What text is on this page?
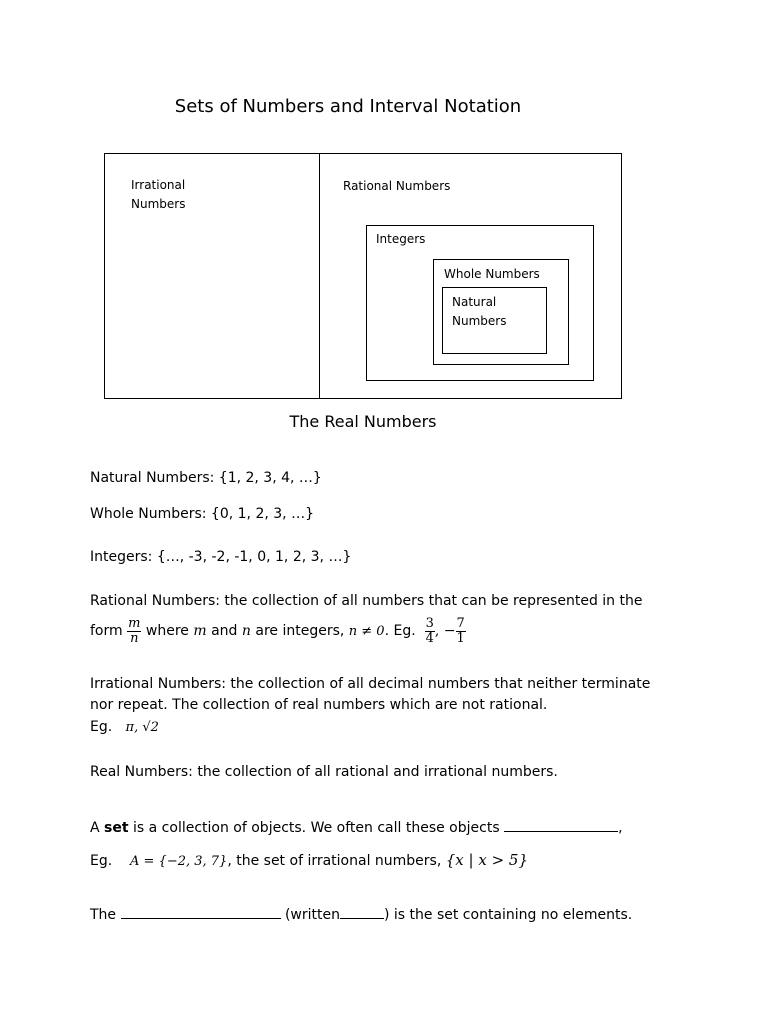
Sets of Numbers and Interval Notation
Irrational
Numbers
Rational Numbers
Integers
Whole Numbers
Natural
Numbers
The Real Numbers
Natural Numbers: {1, 2, 3, 4, …}
Whole Numbers: {0, 1, 2, 3, …}
Integers: {…, -3, -2, -1, 0, 1, 2, 3, …}
Rational Numbers: the collection of all numbers that can be represented in the
form $\frac{m}{n}$ where m and n are integers, n ≠ 0. Eg. $\frac{3}{4}$ , − $\frac{7}{1}$
Irrational Numbers: the collection of all decimal numbers that neither terminate
nor repeat. The collection of real numbers which are not rational.
Eg. π, √2
Real Numbers: the collection of all rational and irrational numbers.
A set is a collection of objects. We often call these objects	,
Eg. A = {−2, 3, 7}, the set of irrational numbers, {x | x > 5}
The	(written	) is the set containing no elements.
